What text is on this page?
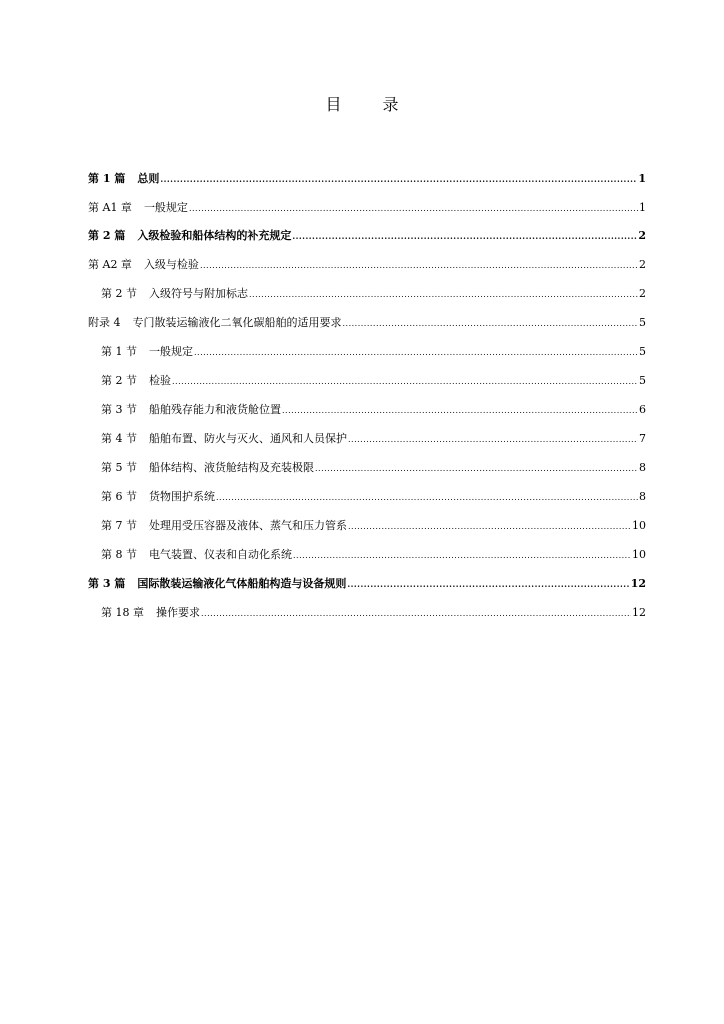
目 录
第 1 篇 总则 .....	1
第 A1 章 一般规定 .....	1
第 2 篇 入级检验和船体结构的补充规定 .....	2
第 A2 章 入级与检验 .....	2
第 2 节 入级符号与附加标志 .....	2
附录 4 专门散装运输液化二氧化碳船舶的适用要求 .....	5
第 1 节 一般规定 .....	5
第 2 节 检验 .....	5
第 3 节 船舶残存能力和液货舱位置 .....	6
第 4 节 船舶布置、防火与灭火、通风和人员保护 .....	7
第 5 节 船体结构、液货舱结构及充装极限 .....	8
第 6 节 货物围护系统 .....	8
第 7 节 处理用受压容器及液体、蒸气和压力管系 .....	10
第 8 节 电气装置、仪表和自动化系统 .....	10
第 3 篇 国际散装运输液化气体船舶构造与设备规则 .....	12
第 18 章 操作要求 .....	12
